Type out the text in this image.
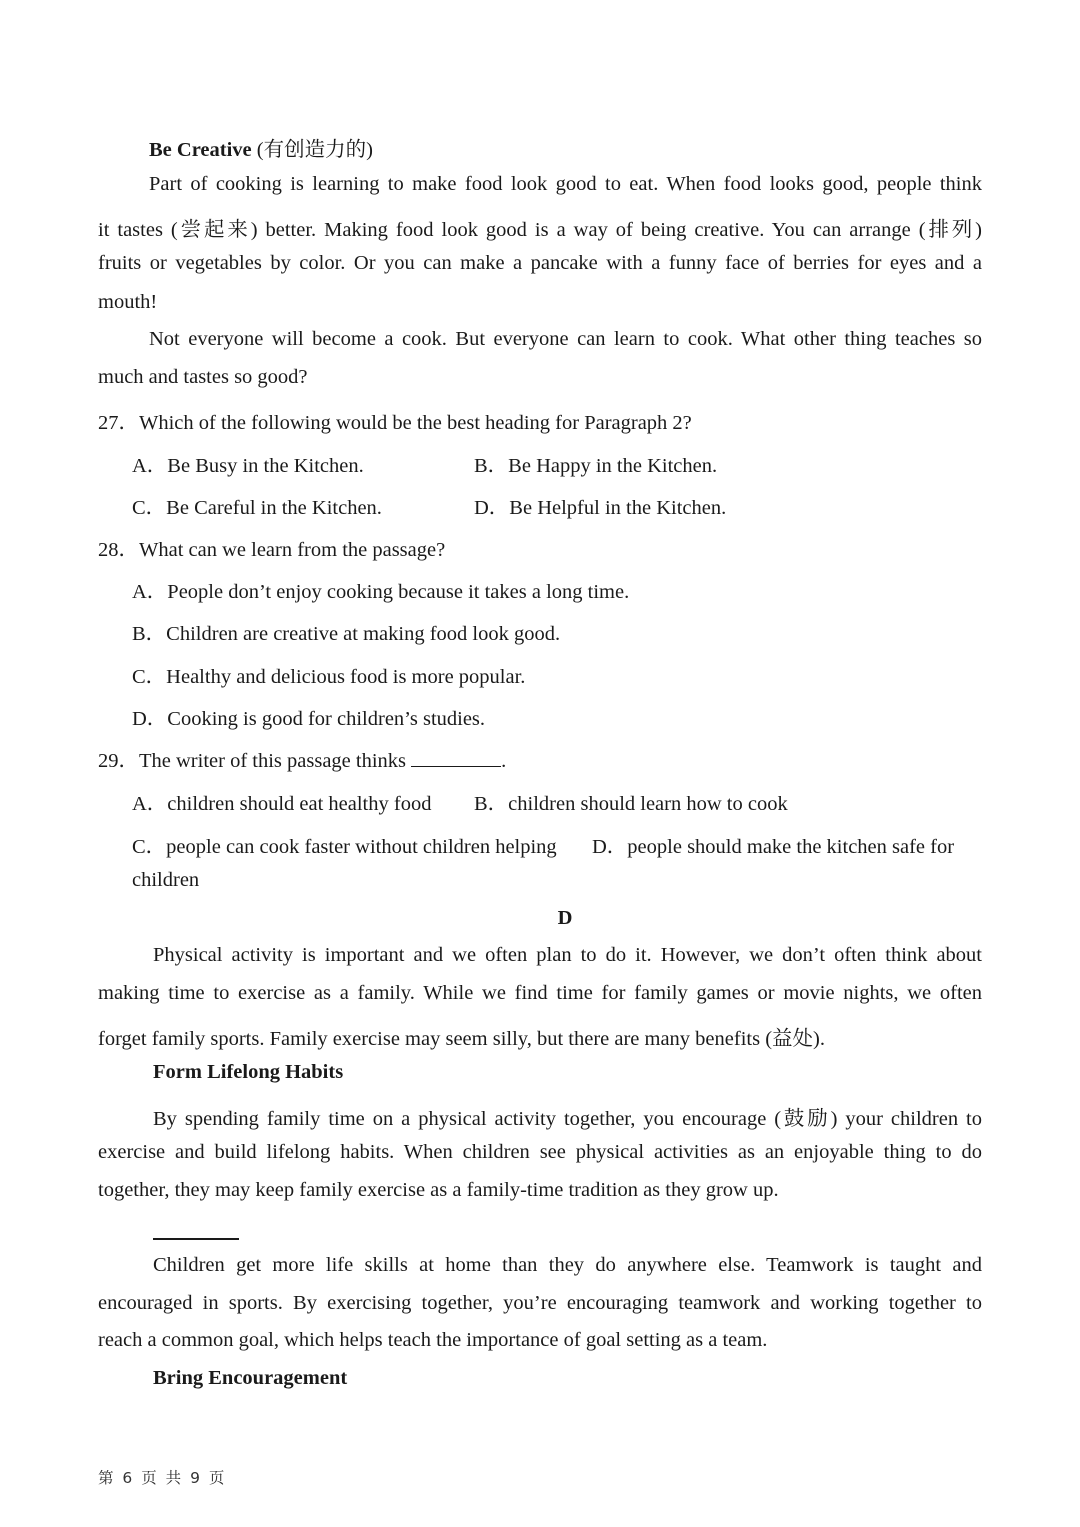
Be Creative (有创造力的)
Part of cooking is learning to make food look good to eat. When food looks good, people think
it tastes (尝起来) better. Making food look good is a way of being creative. You can arrange (排列)
fruits or vegetables by color. Or you can make a pancake with a funny face of berries for eyes and a
mouth!
Not everyone will become a cook. But everyone can learn to cook. What other thing teaches so
much and tastes so good?
27．Which of the following would be the best heading for Paragraph 2?
A．Be Busy in the Kitchen.	B．Be Happy in the Kitchen.
C．Be Careful in the Kitchen.	D．Be Helpful in the Kitchen.
28．What can we learn from the passage?
A．People don’t enjoy cooking because it takes a long time.
B．Children are creative at making food look good.
C．Healthy and delicious food is more popular.
D．Cooking is good for children’s studies.
29．The writer of this passage thinks	.
A．children should eat healthy food B．children should learn how to cook
C．people can cook faster without children helping D．people should make the kitchen safe for
children
D
Physical activity is important and we often plan to do it. However, we don’t often think about
making time to exercise as a family. While we find time for family games or movie nights, we often
forget family sports. Family exercise may seem silly, but there are many benefits (益处).
Form Lifelong Habits
By spending family time on a physical activity together, you encourage (鼓励) your children to
exercise and build lifelong habits. When children see physical activities as an enjoyable thing to do
together, they may keep family exercise as a family-time tradition as they grow up.
Children get more life skills at home than they do anywhere else. Teamwork is taught and
encouraged in sports. By exercising together, you’re encouraging teamwork and working together to
reach a common goal, which helps teach the importance of goal setting as a team.
Bring Encouragement
第 6 页 共 9 页
